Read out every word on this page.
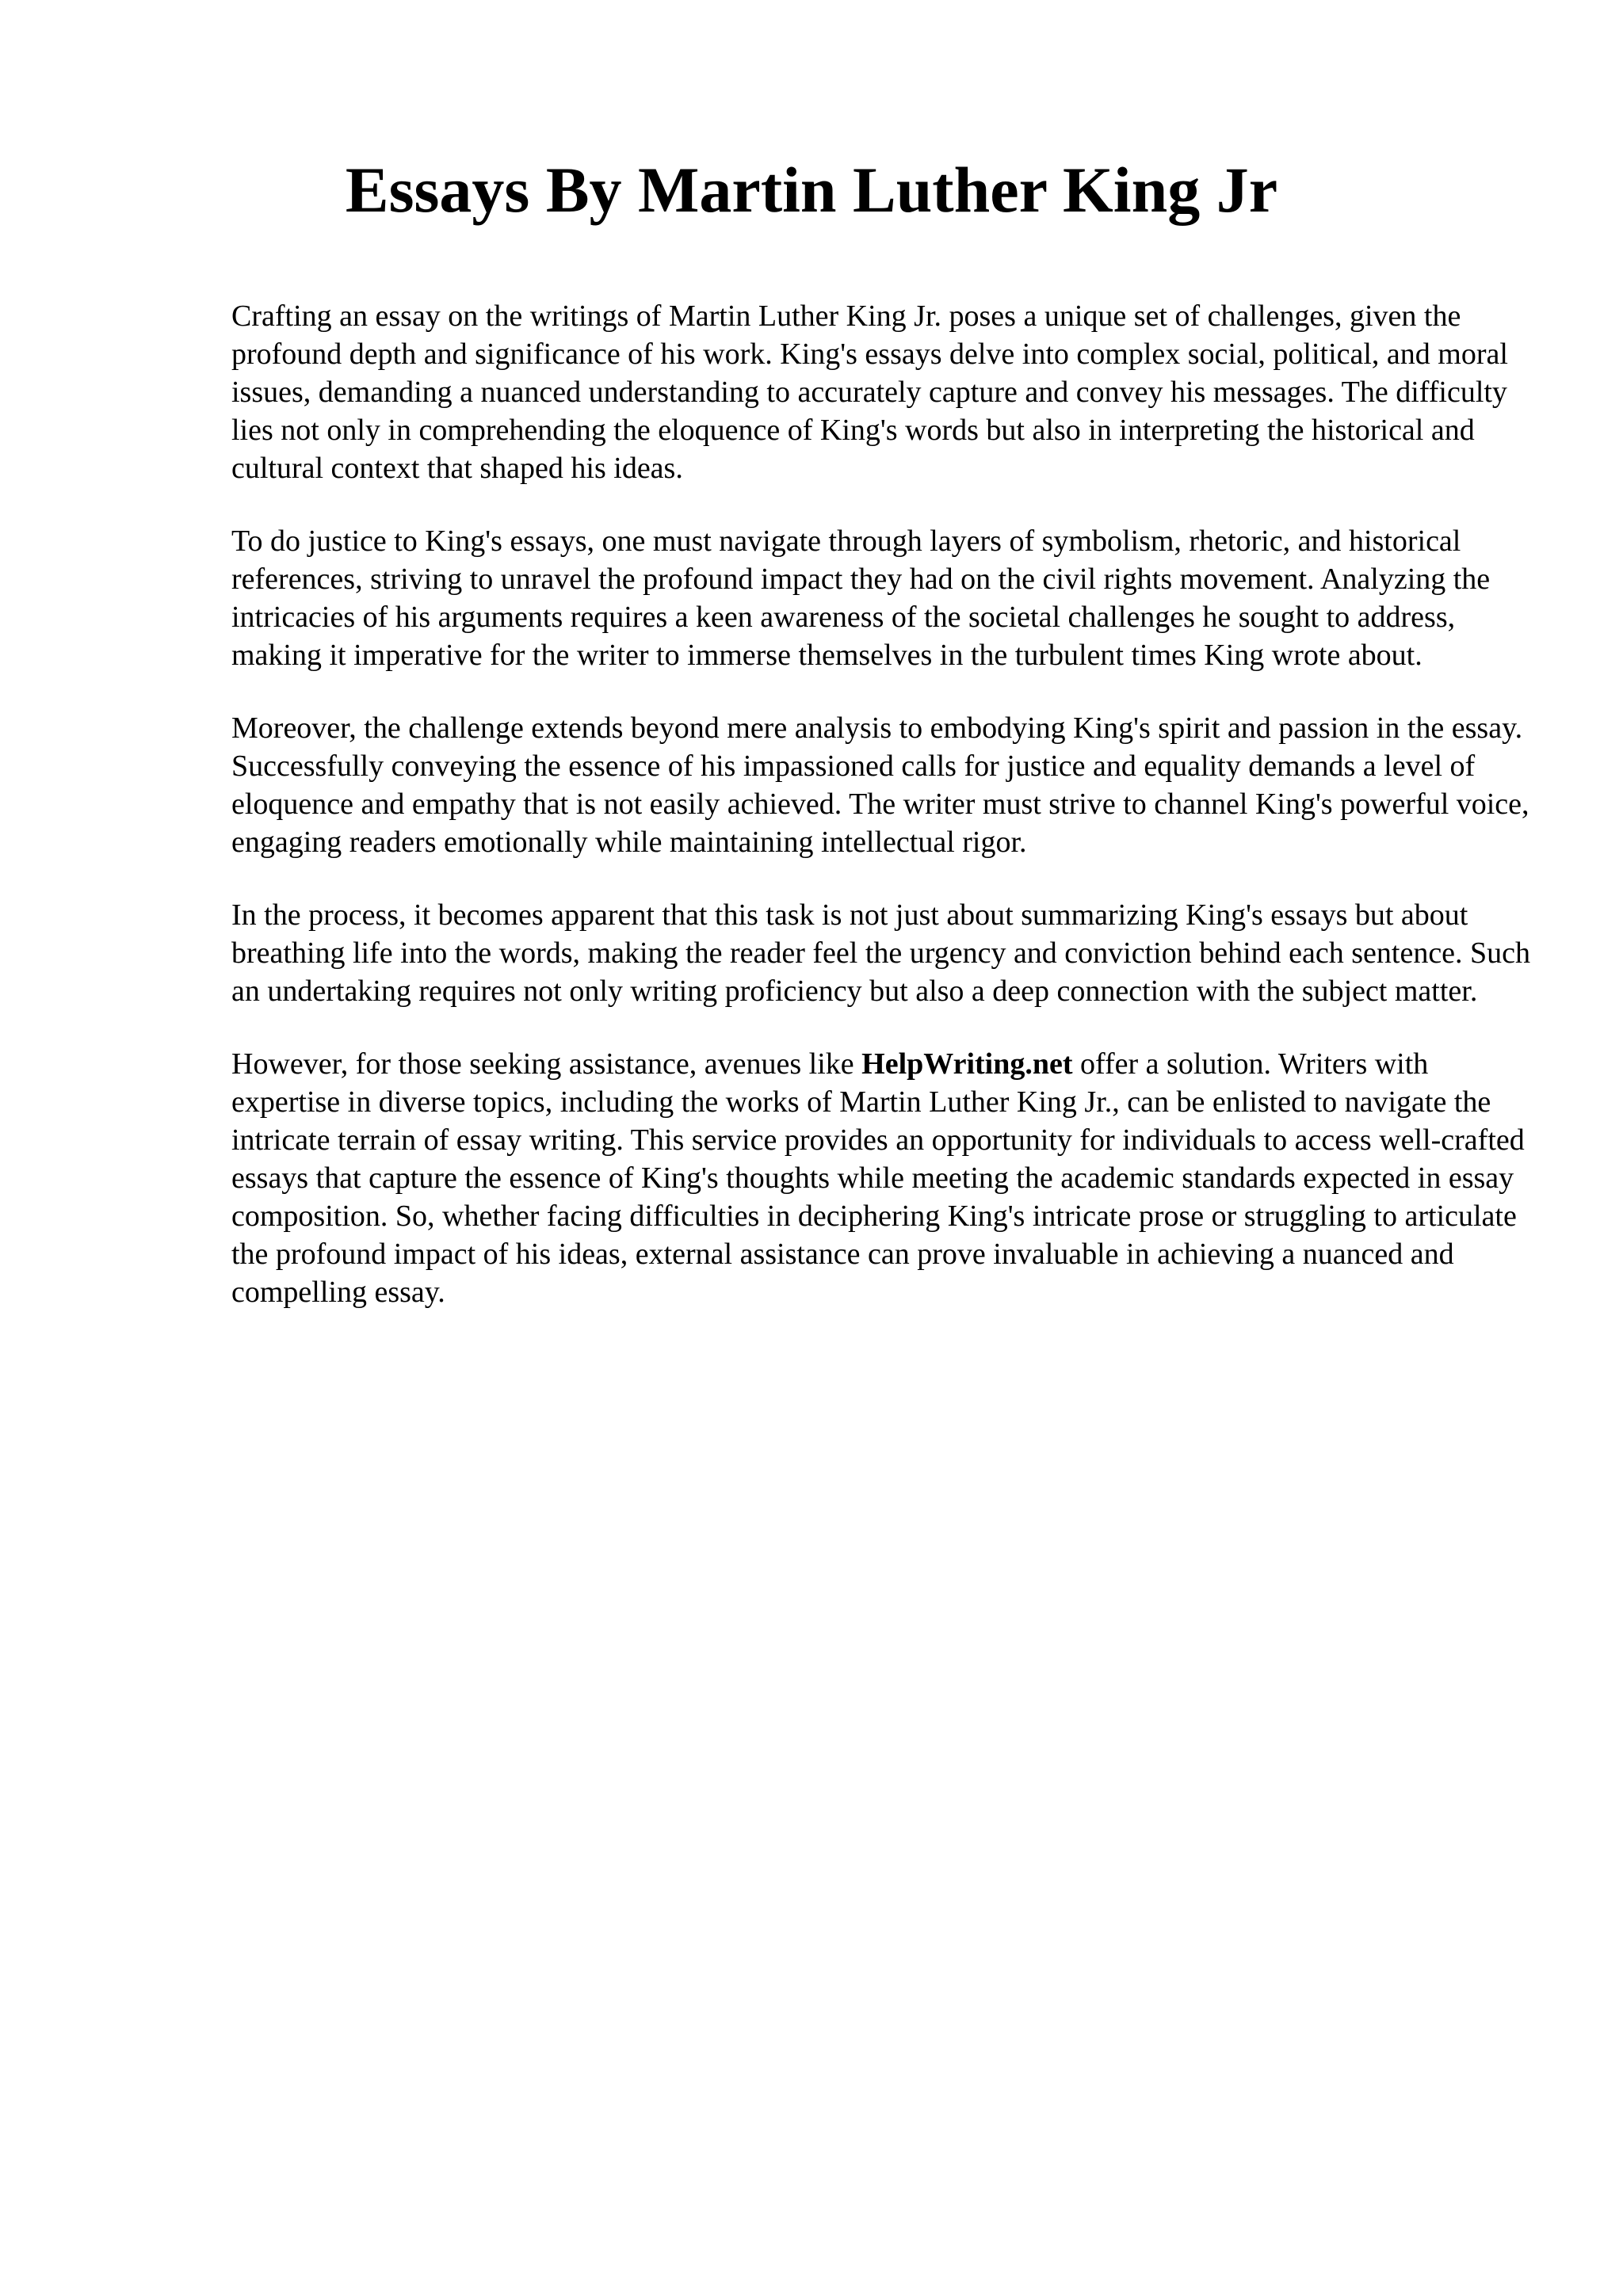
Essays By Martin Luther King Jr

Crafting an essay on the writings of Martin Luther King Jr. poses a unique set of challenges, given the profound depth and significance of his work. King's essays delve into complex social, political, and moral issues, demanding a nuanced understanding to accurately capture and convey his messages. The difficulty lies not only in comprehending the eloquence of King's words but also in interpreting the historical and cultural context that shaped his ideas.

To do justice to King's essays, one must navigate through layers of symbolism, rhetoric, and historical references, striving to unravel the profound impact they had on the civil rights movement. Analyzing the intricacies of his arguments requires a keen awareness of the societal challenges he sought to address, making it imperative for the writer to immerse themselves in the turbulent times King wrote about.

Moreover, the challenge extends beyond mere analysis to embodying King's spirit and passion in the essay. Successfully conveying the essence of his impassioned calls for justice and equality demands a level of eloquence and empathy that is not easily achieved. The writer must strive to channel King's powerful voice, engaging readers emotionally while maintaining intellectual rigor.

In the process, it becomes apparent that this task is not just about summarizing King's essays but about breathing life into the words, making the reader feel the urgency and conviction behind each sentence. Such an undertaking requires not only writing proficiency but also a deep connection with the subject matter.

However, for those seeking assistance, avenues like HelpWriting.net offer a solution. Writers with expertise in diverse topics, including the works of Martin Luther King Jr., can be enlisted to navigate the intricate terrain of essay writing. This service provides an opportunity for individuals to access well-crafted essays that capture the essence of King's thoughts while meeting the academic standards expected in essay composition. So, whether facing difficulties in deciphering King's intricate prose or struggling to articulate the profound impact of his ideas, external assistance can prove invaluable in achieving a nuanced and compelling essay.
